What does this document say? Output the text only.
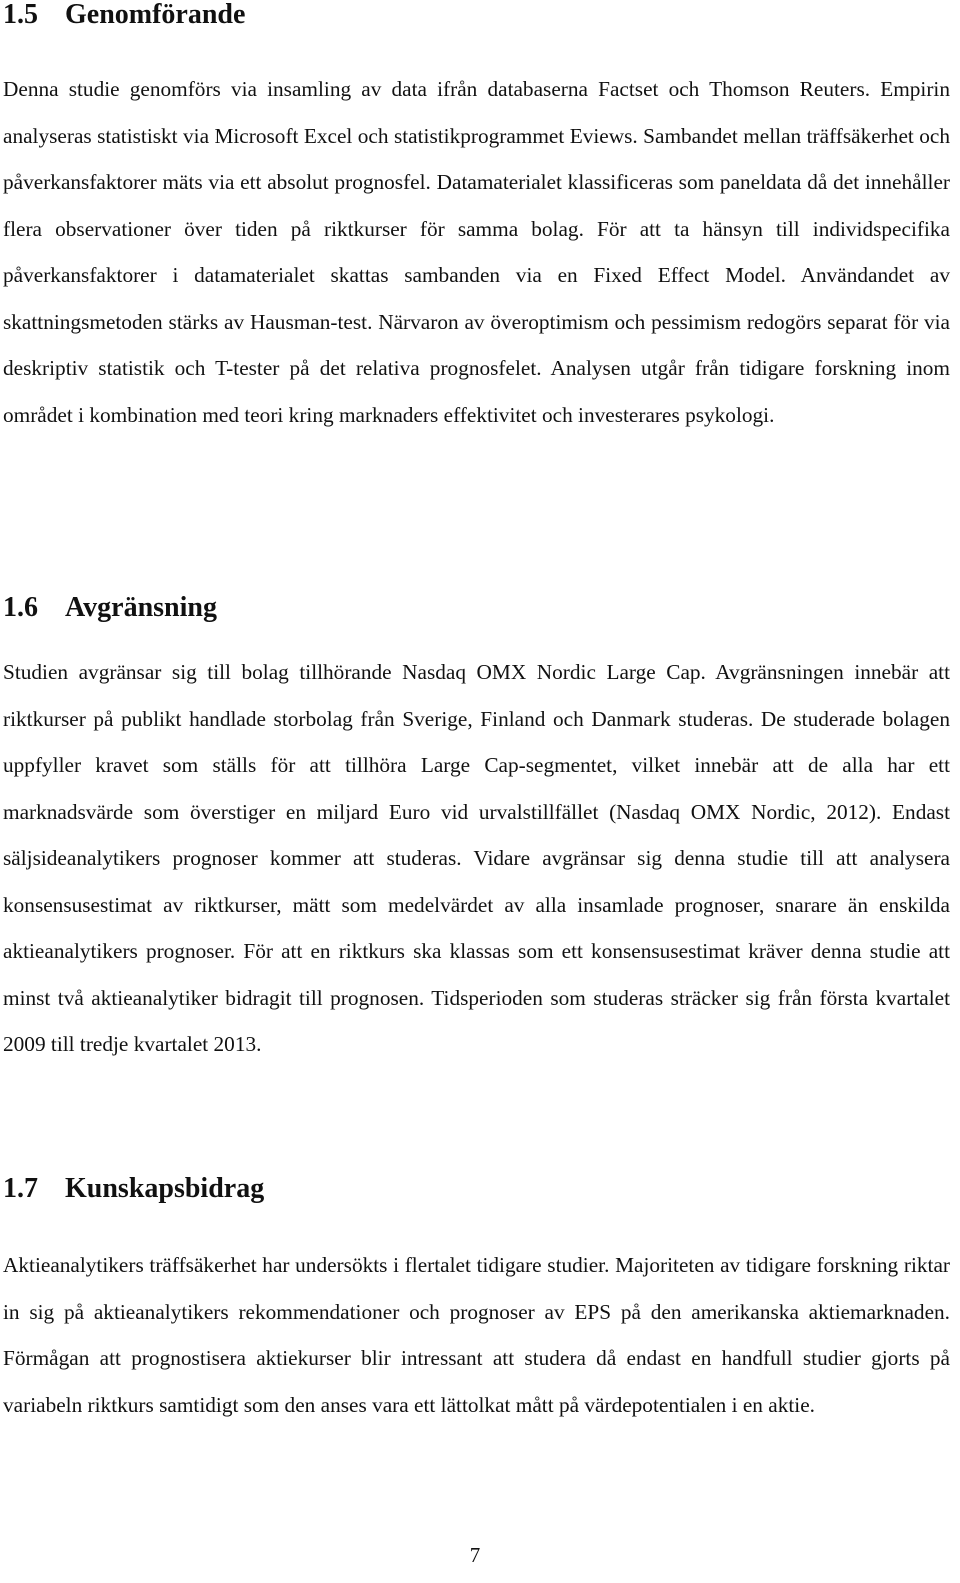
1.5 Genomförande

Denna studie genomförs via insamling av data ifrån databaserna Factset och Thomson Reuters. Empirin analyseras statistiskt via Microsoft Excel och statistikprogrammet Eviews. Sambandet mellan träffsäkerhet och påverkansfaktorer mäts via ett absolut prognosfel. Datamaterialet klassificeras som paneldata då det innehåller flera observationer över tiden på riktkurser för samma bolag. För att ta hänsyn till individspecifika påverkansfaktorer i datamaterialet skattas sambanden via en Fixed Effect Model. Användandet av skattningsmetoden stärks av Hausman-test. Närvaron av överoptimism och pessimism redogörs separat för via deskriptiv statistik och T-tester på det relativa prognosfelet. Analysen utgår från tidigare forskning inom området i kombination med teori kring marknaders effektivitet och investerares psykologi.

1.6 Avgränsning

Studien avgränsar sig till bolag tillhörande Nasdaq OMX Nordic Large Cap. Avgränsningen innebär att riktkurser på publikt handlade storbolag från Sverige, Finland och Danmark studeras. De studerade bolagen uppfyller kravet som ställs för att tillhöra Large Cap-segmentet, vilket innebär att de alla har ett marknadsvärde som överstiger en miljard Euro vid urvalstillfället (Nasdaq OMX Nordic, 2012). Endast säljsideanalytikers prognoser kommer att studeras. Vidare avgränsar sig denna studie till att analysera konsensusestimat av riktkurser, mätt som medelvärdet av alla insamlade prognoser, snarare än enskilda aktieanalytikers prognoser. För att en riktkurs ska klassas som ett konsensusestimat kräver denna studie att minst två aktieanalytiker bidragit till prognosen. Tidsperioden som studeras sträcker sig från första kvartalet 2009 till tredje kvartalet 2013.

1.7 Kunskapsbidrag

Aktieanalytikers träffsäkerhet har undersökts i flertalet tidigare studier. Majoriteten av tidigare forskning riktar in sig på aktieanalytikers rekommendationer och prognoser av EPS på den amerikanska aktiemarknaden. Förmågan att prognostisera aktiekurser blir intressant att studera då endast en handfull studier gjorts på variabeln riktkurs samtidigt som den anses vara ett lättolkat mått på värdepotentialen i en aktie.

7
